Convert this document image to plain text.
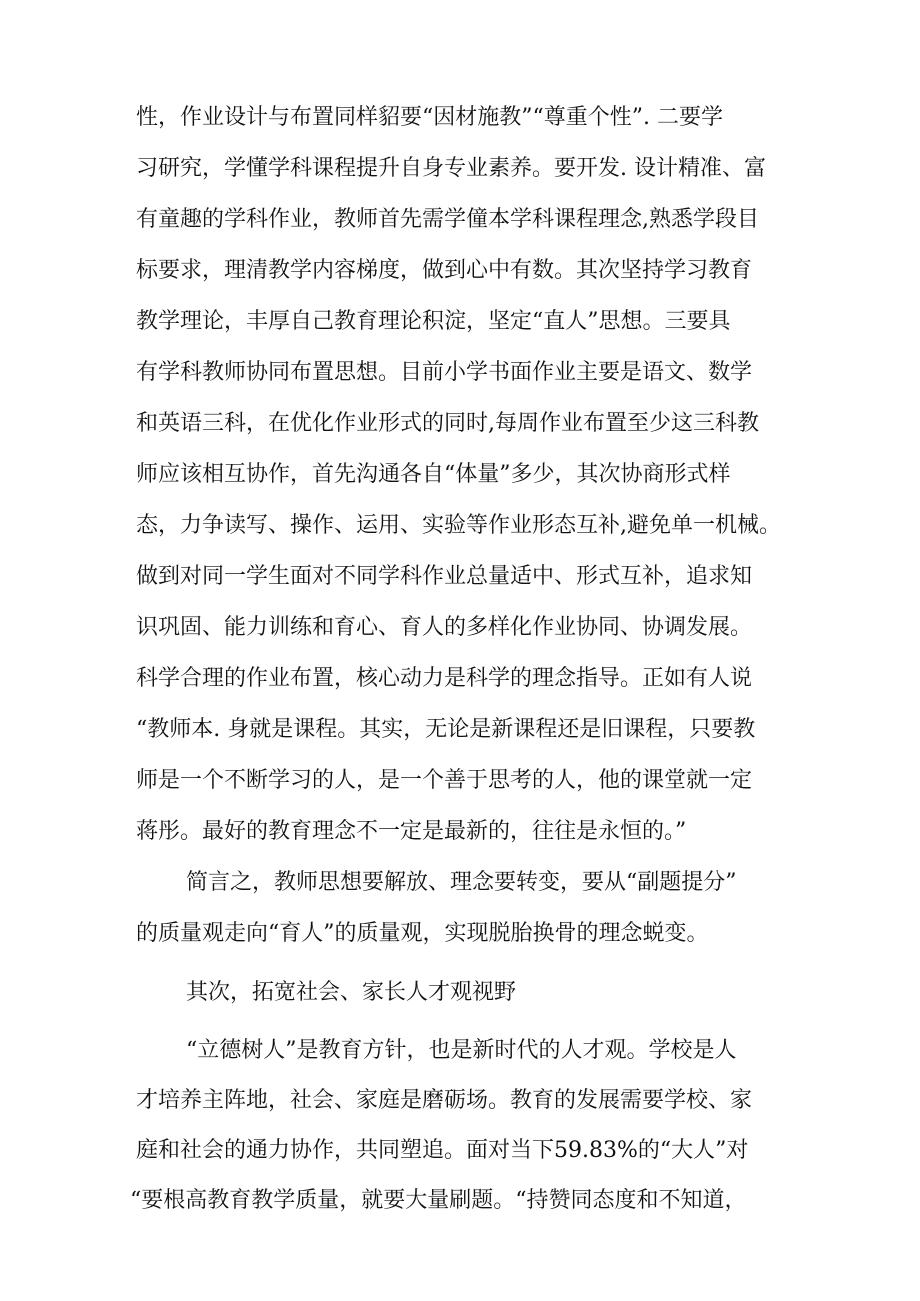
性，作业设计与布置同样貂要“因材施教”“尊重个性”. 二要学
习研究，学懂学科课程提升自身专业素养。要开发. 设计精准、富
有童趣的学科作业，教师首先需学僮本学科课程理念,熟悉学段目
标要求，理清教学内容梯度，做到心中有数。其次坚持学习教育
教学理论，丰厚自己教育理论积淀，坚定“直人”思想。三要具
有学科教师协同布置思想。目前小学书面作业主要是语文、数学
和英语三科，在优化作业形式的同时,每周作业布置至少这三科教
师应该相互协作，首先沟通各自“体量”多少，其次协商形式样
态，力争读写、操作、运用、实验等作业形态互补,避免单一机械。
做到对同一学生面对不同学科作业总量适中、形式互补，追求知
识巩固、能力训练和育心、育人的多样化作业协同、协调发展。
科学合理的作业布置，核心动力是科学的理念指导。正如有人说
“教师本. 身就是课程。其实，无论是新课程还是旧课程，只要教
师是一个不断学习的人，是一个善于思考的人，他的课堂就一定
蒋彤。最好的教育理念不一定是最新的，往往是永恒的。”
简言之，教师思想要解放、理念要转变，要从“副题提分”
的质量观走向“育人”的质量观，实现脱胎换骨的理念蜕变。
其次，拓宽社会、家长人才观视野
“立德树人”是教育方针，也是新时代的人才观。学校是人
才培养主阵地，社会、家庭是磨砺场。教育的发展需要学校、家
庭和社会的通力协作，共同塑追。面对当下59.83%的“大人”对
“要根高教育教学质量，就要大量刷题。“持赞同态度和不知道，
